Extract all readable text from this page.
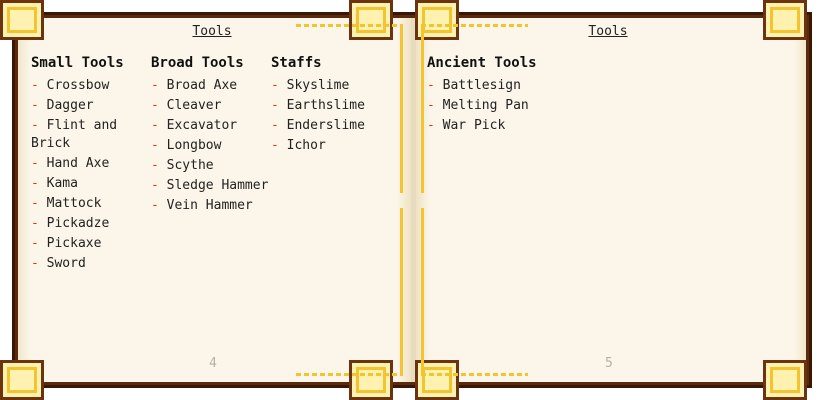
Tools
Small Tools
- Crossbow
- Dagger
- Flint and Brick
- Hand Axe
- Kama
- Mattock
- Pickadze
- Pickaxe
- Sword
Broad Tools
- Broad Axe
- Cleaver
- Excavator
- Longbow
- Scythe
- Sledge Hammer
- Vein Hammer
Staffs
- Skyslime
- Earthslime
- Enderslime
- Ichor
4
Tools
Ancient Tools
- Battlesign
- Melting Pan
- War Pick
5
